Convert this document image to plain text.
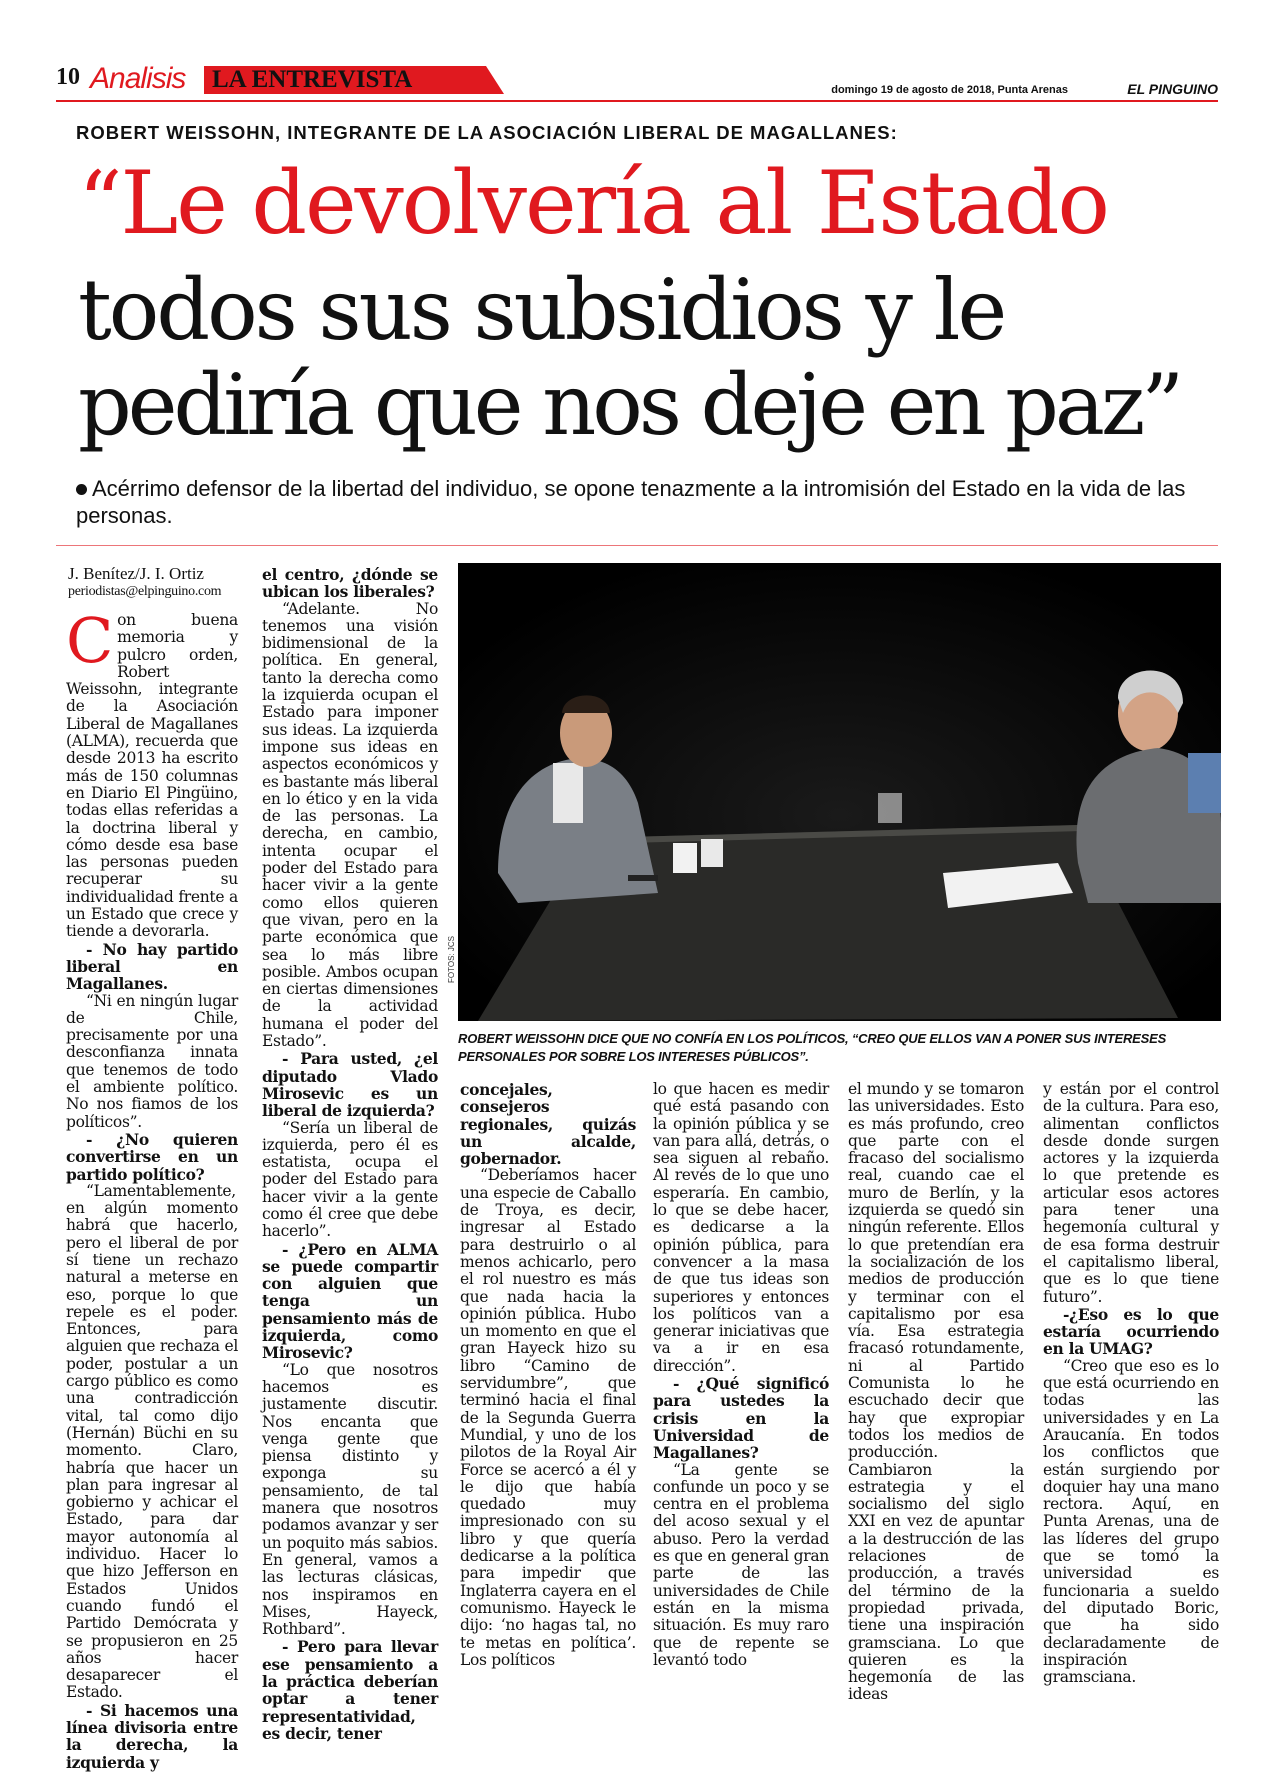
10 Analisis LA ENTREVISTA	domingo 19 de agosto de 2018, Punta Arenas	EL PINGUINO
ROBERT WEISSOHN, INTEGRANTE DE LA ASOCIACIÓN LIBERAL DE MAGALLANES:
“Le devolvería al Estado
todos sus subsidios y le
pediría que nos deje en paz”
Acérrimo defensor de la libertad del individuo, se opone tenazmente a la intromisión del Estado en la vida de las personas.
J. Benítez/J. I. Ortiz
periodistas@elpinguino.com

Con buena memoria y pulcro orden, Robert Weissohn, integrante de la Asociación Liberal de Magallanes (ALMA), recuerda que desde 2013 ha escrito más de 150 columnas en Diario El Pingüino, todas ellas referidas a la doctrina liberal y cómo desde esa base las personas pueden recuperar su individualidad frente a un Estado que crece y tiende a devorarla.

- No hay partido liberal en Magallanes.

“Ni en ningún lugar de Chile, precisamente por una desconfianza innata que tenemos de todo el ambiente político. No nos fiamos de los políticos”.

- ¿No quieren convertirse en un partido político?

“Lamentablemente, en algún momento habrá que hacerlo, pero el liberal de por sí tiene un rechazo natural a meterse en eso, porque lo que repele es el poder. Entonces, para alguien que rechaza el poder, postular a un cargo público es como una contradicción vital, tal como dijo (Hernán) Büchi en su momento. Claro, habría que hacer un plan para ingresar al gobierno y achicar el Estado, para dar mayor autonomía al individuo. Hacer lo que hizo Jefferson en Estados Unidos cuando fundó el Partido Demócrata y se propusieron en 25 años hacer desaparecer el Estado.

- Si hacemos una línea divisoria entre la derecha, la izquierda y

el centro, ¿dónde se ubican los liberales?

“Adelante. No tenemos una visión bidimensional de la política. En general, tanto la derecha como la izquierda ocupan el Estado para imponer sus ideas. La izquierda impone sus ideas en aspectos económicos y es bastante más liberal en lo ético y en la vida de las personas. La derecha, en cambio, intenta ocupar el poder del Estado para hacer vivir a la gente como ellos quieren que vivan, pero en la parte económica que sea lo más libre posible. Ambos ocupan en ciertas dimensiones de la actividad humana el poder del Estado”.

- Para usted, ¿el diputado Vlado Mirosevic es un liberal de izquierda?

“Sería un liberal de izquierda, pero él es estatista, ocupa el poder del Estado para hacer vivir a la gente como él cree que debe hacerlo”.

- ¿Pero en ALMA se puede compartir con alguien que tenga un pensamiento más de izquierda, como Mirosevic?

“Lo que nosotros hacemos es justamente discutir. Nos encanta que venga gente que piensa distinto y exponga su pensamiento, de tal manera que nosotros podamos avanzar y ser un poquito más sabios. En general, vamos a las lecturas clásicas, nos inspiramos en Mises, Hayeck, Rothbard”.

- Pero para llevar ese pensamiento a la práctica deberían optar a tener representatividad, es decir, tener

FOTOS: JCS
ROBERT WEISSOHN DICE QUE NO CONFÍA EN LOS POLÍTICOS, “CREO QUE ELLOS VAN A PONER SUS INTERESES PERSONALES POR SOBRE LOS INTERESES PÚBLICOS”.

concejales, consejeros regionales, quizás un alcalde, gobernador.

“Deberíamos hacer una especie de Caballo de Troya, es decir, ingresar al Estado para destruirlo o al menos achicarlo, pero el rol nuestro es más que nada hacia la opinión pública. Hubo un momento en que el gran Hayeck hizo su libro “Camino de servidumbre”, que terminó hacia el final de la Segunda Guerra Mundial, y uno de los pilotos de la Royal Air Force se acercó a él y le dijo que había quedado muy impresionado con su libro y que quería dedicarse a la política para impedir que Inglaterra cayera en el comunismo. Hayeck le dijo: ‘no hagas tal, no te metas en política’. Los políticos

lo que hacen es medir qué está pasando con la opinión pública y se van para allá, detrás, o sea siguen al rebaño. Al revés de lo que uno esperaría. En cambio, lo que se debe hacer, es dedicarse a la opinión pública, para convencer a la masa de que tus ideas son superiores y entonces los políticos van a generar iniciativas que va a ir en esa dirección”.

- ¿Qué significó para ustedes la crisis en la Universidad de Magallanes?

“La gente se confunde un poco y se centra en el problema del acoso sexual y el abuso. Pero la verdad es que en general gran parte de las universidades de Chile están en la misma situación. Es muy raro que de repente se levantó todo

el mundo y se tomaron las universidades. Esto es más profundo, creo que parte con el fracaso del socialismo real, cuando cae el muro de Berlín, y la izquierda se quedó sin ningún referente. Ellos lo que pretendían era la socialización de los medios de producción y terminar con el capitalismo por esa vía. Esa estrategia fracasó rotundamente, ni al Partido Comunista lo he escuchado decir que hay que expropiar todos los medios de producción. Cambiaron la estrategia y el socialismo del siglo XXI en vez de apuntar a la destrucción de las relaciones de producción, a través del término de la propiedad privada, tiene una inspiración gramsciana. Lo que quieren es la hegemonía de las ideas

y están por el control de la cultura. Para eso, alimentan conflictos desde donde surgen actores y la izquierda lo que pretende es articular esos actores para tener una hegemonía cultural y de esa forma destruir el capitalismo liberal, que es lo que tiene futuro”.

-¿Eso es lo que estaría ocurriendo en la UMAG?

“Creo que eso es lo que está ocurriendo en todas las universidades y en La Araucanía. En todos los conflictos que están surgiendo por doquier hay una mano rectora. Aquí, en Punta Arenas, una de las líderes del grupo que se tomó la universidad es funcionaria a sueldo del diputado Boric, que ha sido declaradamente de inspiración gramsciana.
